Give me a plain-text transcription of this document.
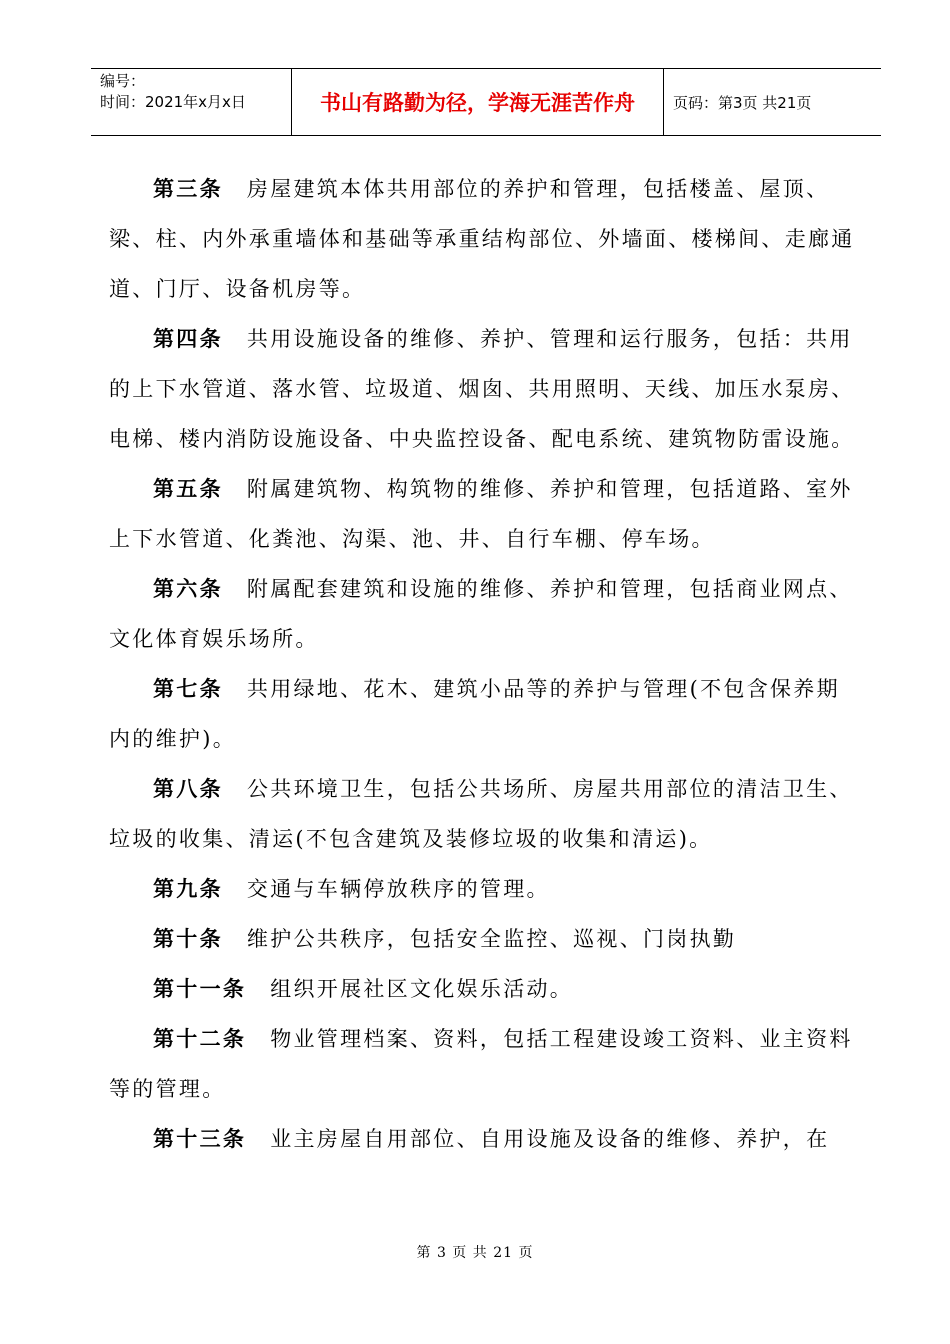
编号：
时间：2021年x月x日	书山有路勤为径，学海无涯苦作舟	页码：第3页 共21页

第三条 房屋建筑本体共用部位的养护和管理，包括楼盖、屋顶、梁、柱、内外承重墙体和基础等承重结构部位、外墙面、楼梯间、走廊通道、门厅、设备机房等。

第四条 共用设施设备的维修、养护、管理和运行服务，包括：共用的上下水管道、落水管、垃圾道、烟囱、共用照明、天线、加压水泵房、电梯、楼内消防设施设备、中央监控设备、配电系统、建筑物防雷设施。

第五条 附属建筑物、构筑物的维修、养护和管理，包括道路、室外上下水管道、化粪池、沟渠、池、井、自行车棚、停车场。

第六条 附属配套建筑和设施的维修、养护和管理，包括商业网点、文化体育娱乐场所。

第七条 共用绿地、花木、建筑小品等的养护与管理(不包含保养期内的维护)。

第八条 公共环境卫生，包括公共场所、房屋共用部位的清洁卫生、垃圾的收集、清运(不包含建筑及装修垃圾的收集和清运)。

第九条 交通与车辆停放秩序的管理。

第十条 维护公共秩序，包括安全监控、巡视、门岗执勤

第十一条 组织开展社区文化娱乐活动。

第十二条 物业管理档案、资料，包括工程建设竣工资料、业主资料等的管理。

第十三条 业主房屋自用部位、自用设施及设备的维修、养护，在

第 3 页 共 21 页
